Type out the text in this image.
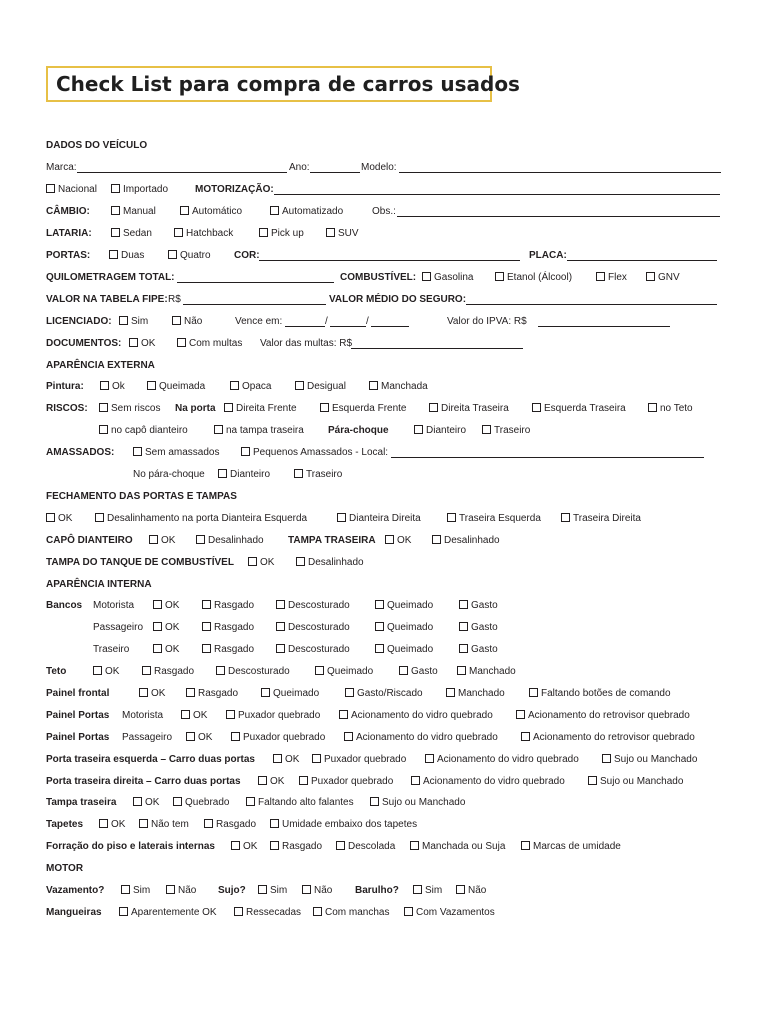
Check List para compra de carros usados
DADOS DO VEÍCULO
Marca:	Ano:	Modelo:
Nacional	Importado	MOTORIZAÇÃO:
CÂMBIO:	Manual	Automático	Automatizado	Obs.:
LATARIA:	Sedan	Hatchback	Pick up	SUV
PORTAS:	Duas	Quatro COR:	PLACA:
QUILOMETRAGEM TOTAL:	COMBUSTÍVEL:	Gasolina	Etanol (Álcool)	Flex	GNV
VALOR NA TABELA FIPE: R$	VALOR MÉDIO DO SEGURO:
LICENCIADO:	Sim	Não	Vence em:	/	/	Valor do IPVA: R$
DOCUMENTOS:	OK	Com multas Valor das multas: R$
APARÊNCIA EXTERNA
Pintura:	Ok	Queimada	Opaca	Desigual	Manchada
RISCOS:	Sem riscos Na porta	Direita Frente	Esquerda Frente	Direita Traseira	Esquerda Traseira	no Teto
no capô dianteiro	na tampa traseira Pára-choque	Dianteiro	Traseiro
AMASSADOS:	Sem amassados	Pequenos Amassados - Local:
No pára-choque	Dianteiro	Traseiro
FECHAMENTO DAS PORTAS E TAMPAS
OK	Desalinhamento na porta Dianteira Esquerda	Dianteira Direita	Traseira Esquerda	Traseira Direita
CAPÔ DIANTEIRO	OK	Desalinhado TAMPA TRASEIRA	OK	Desalinhado
TAMPA DO TANQUE DE COMBUSTÍVEL	OK	Desalinhado
APARÊNCIA INTERNA
Bancos Motorista	OK	Rasgado	Descosturado	Queimado	Gasto
Passageiro	OK	Rasgado	Descosturado	Queimado	Gasto
Traseiro	OK	Rasgado	Descosturado	Queimado	Gasto
Teto	OK	Rasgado	Descosturado	Queimado	Gasto	Manchado
Painel frontal	OK	Rasgado	Queimado	Gasto/Riscado	Manchado	Faltando botões de comando
Painel Portas Motorista	OK	Puxador quebrado	Acionamento do vidro quebrado	Acionamento do retrovisor quebrado
Painel Portas Passageiro	OK	Puxador quebrado	Acionamento do vidro quebrado	Acionamento do retrovisor quebrado
Porta traseira esquerda – Carro duas portas	OK	Puxador quebrado	Acionamento do vidro quebrado	Sujo ou Manchado
Porta traseira direita – Carro duas portas	OK	Puxador quebrado	Acionamento do vidro quebrado	Sujo ou Manchado
Tampa traseira	OK	Quebrado	Faltando alto falantes	Sujo ou Manchado
Tapetes	OK	Não tem	Rasgado	Umidade embaixo dos tapetes
Forração do piso e laterais internas	OK	Rasgado	Descolada	Manchada ou Suja	Marcas de umidade
MOTOR
Vazamento?	Sim	Não Sujo?	Sim	Não Barulho?	Sim	Não
Mangueiras	Aparentemente OK	Ressecadas	Com manchas	Com Vazamentos
